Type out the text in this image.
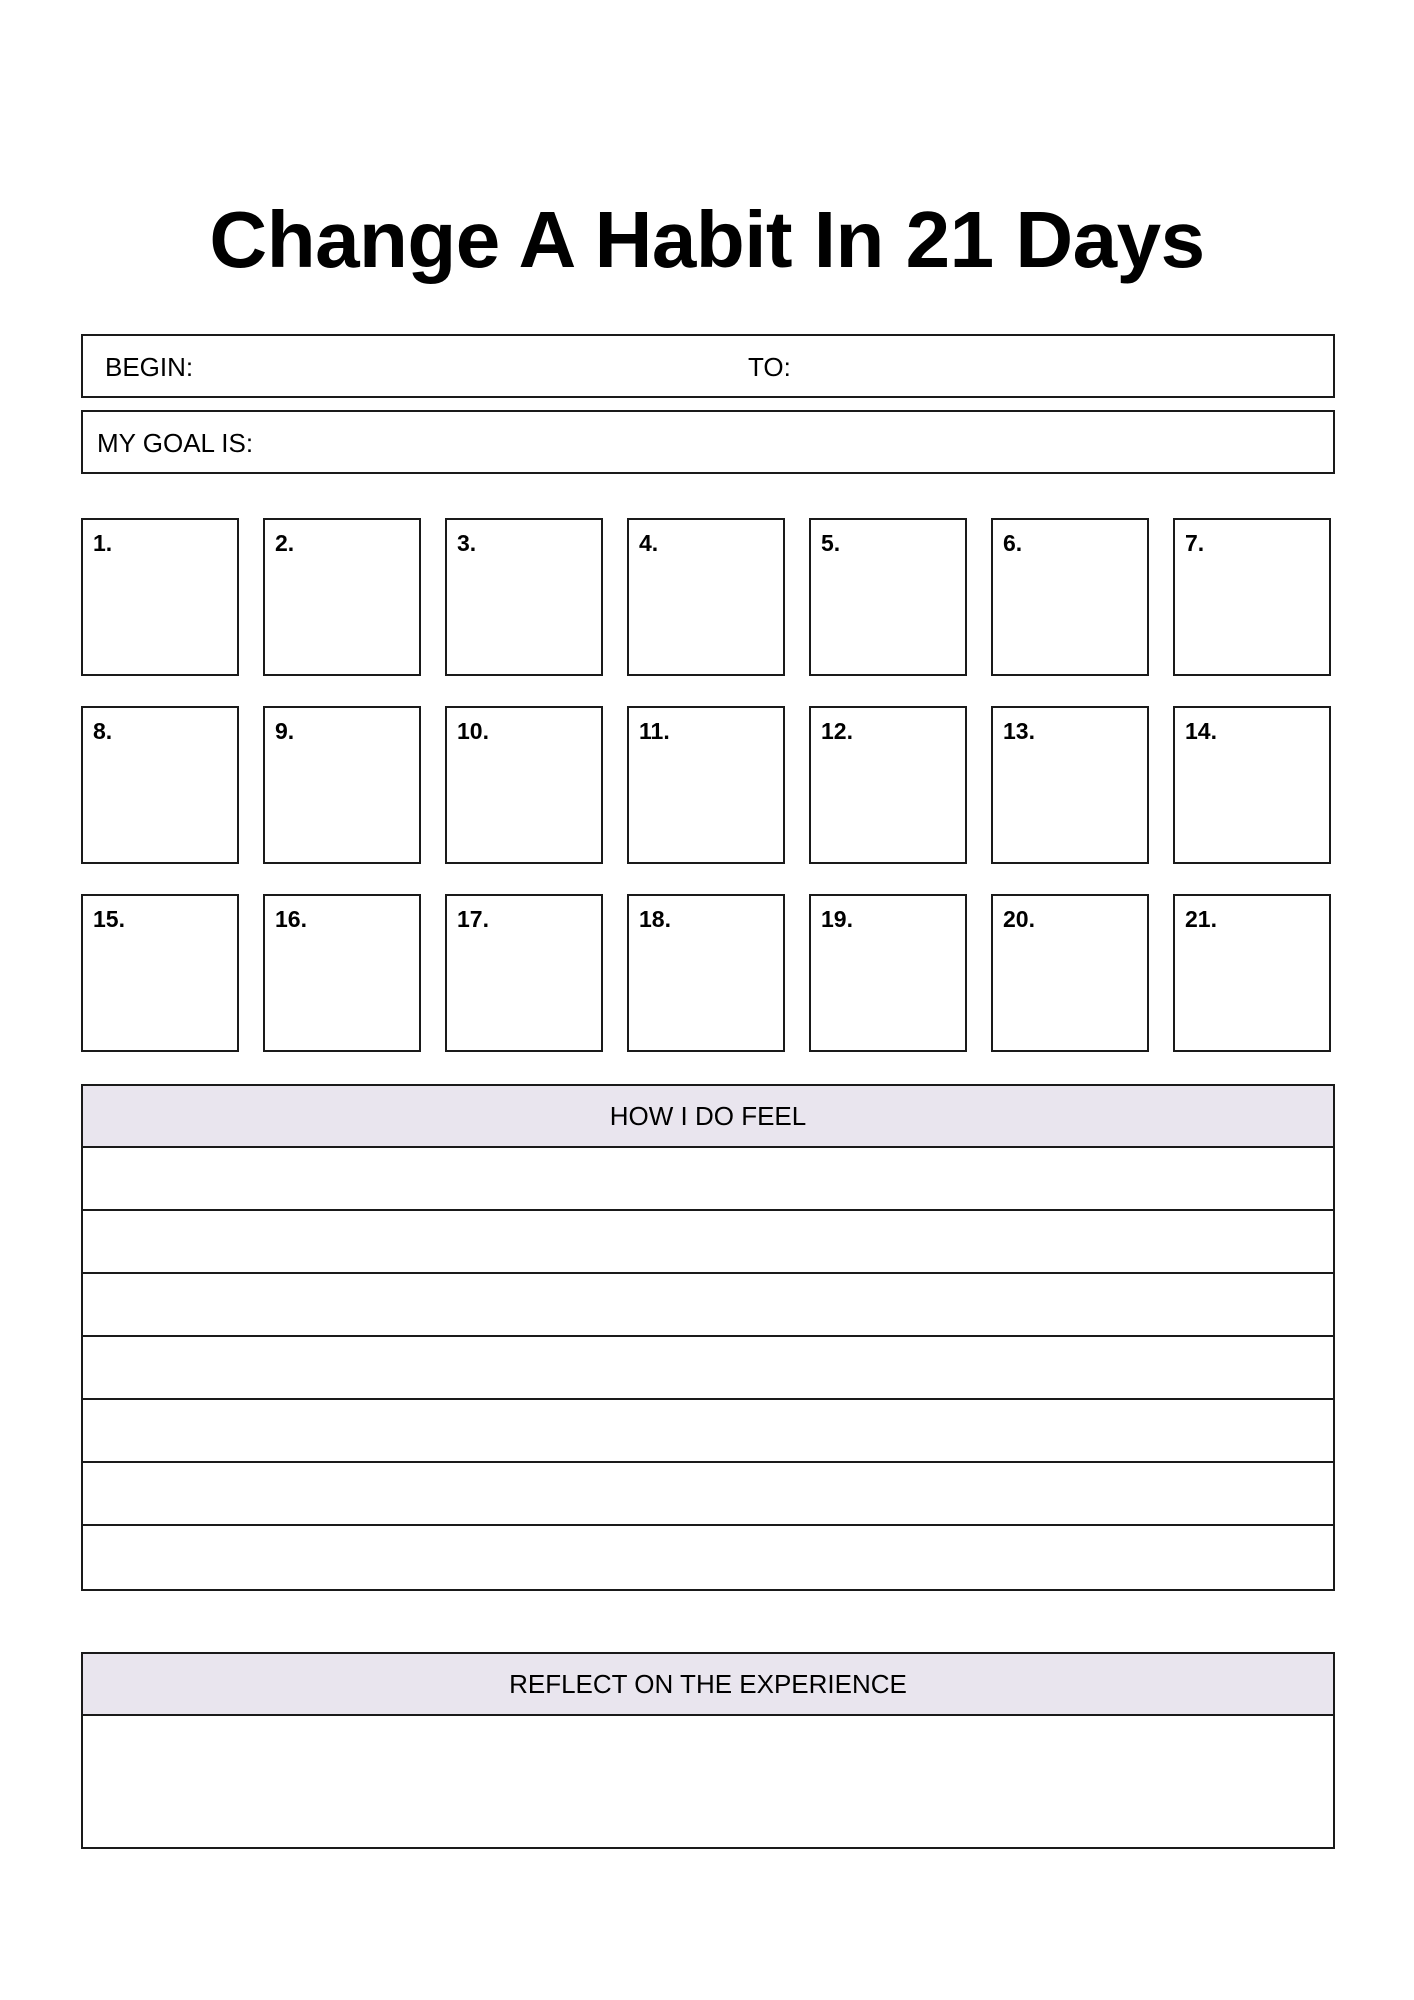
Change A Habit In 21 Days
BEGIN:	TO:
MY GOAL IS:
1.	2.	3.	4.	5.	6.	7.
8.	9.	10.	11.	12.	13.	14.
15.	16.	17.	18.	19.	20.	21.
HOW I DO FEEL
REFLECT ON THE EXPERIENCE
